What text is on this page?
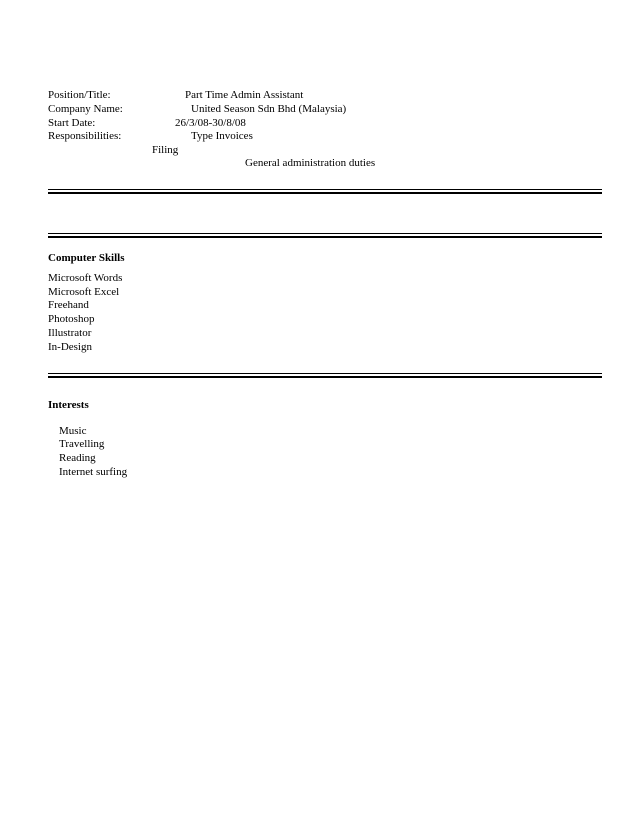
Position/Title:	Part Time Admin Assistant
Company Name:	United Season Sdn Bhd (Malaysia)
Start Date:	26/3/08-30/8/08
Responsibilities:	Type Invoices
Filing
General administration duties
Computer Skills
Microsoft Words
Microsoft Excel
Freehand
Photoshop
Illustrator
In-Design
Interests
Music
Travelling
Reading
Internet surfing
